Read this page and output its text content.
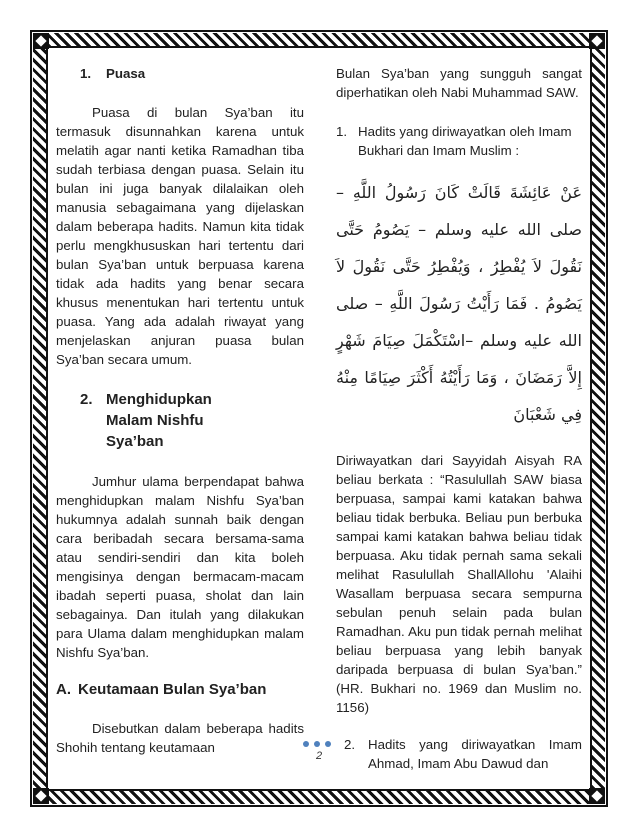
1.	Puasa

Puasa di bulan Sya’ban itu termasuk disunnahkan karena untuk melatih agar nanti ketika Ramadhan tiba sudah terbiasa dengan puasa. Selain itu bulan ini juga banyak dilalaikan oleh manusia sebagaimana yang dijelaskan dalam beberapa hadits. Namun kita tidak perlu mengkhususkan hari tertentu dari bulan Sya’ban untuk berpuasa karena tidak ada hadits yang benar secara khusus menentukan hari tertentu untuk puasa. Yang ada adalah riwayat yang menjelaskan anjuran puasa bulan Sya’ban secara umum.

2. Menghidupkan Malam Nishfu Sya’ban

Jumhur ulama berpendapat bahwa menghidupkan malam Nishfu Sya’ban hukumnya adalah sunnah baik dengan cara beribadah secara bersama-sama atau sendiri-sendiri dan kita boleh mengisinya dengan bermacam-macam ibadah seperti puasa, sholat dan lain sebagainya. Dan itulah yang dilakukan para Ulama dalam menghidupkan malam Nishfu Sya’ban.

A. Keutamaan Bulan Sya’ban

Disebutkan dalam beberapa hadits Shohih tentang keutamaan

Bulan Sya’ban yang sungguh sangat diperhatikan oleh Nabi Muhammad SAW.

1. Hadits yang diriwayatkan oleh Imam Bukhari dan Imam Muslim :

عَنْ عَائِشَةَ قَالَتْ كَانَ رَسُولُ اللَّهِ – صلى الله عليه وسلم – يَصُومُ حَتَّى نَقُولَ لاَ يُفْطِرُ ، وَيُفْطِرُ حَتَّى نَقُولَ لاَ يَصُومُ . فَمَا رَأَيْتُ رَسُولَ اللَّهِ – صلى الله عليه وسلم –اسْتَكْمَلَ صِيَامَ شَهْرٍ إِلاَّ رَمَضَانَ ، وَمَا رَأَيْتُهُ أَكْثَرَ صِيَامًا مِنْهُ فِي شَعْبَانَ

Diriwayatkan dari Sayyidah Aisyah RA beliau berkata : “Rasulullah SAW biasa berpuasa, sampai kami katakan bahwa beliau tidak berbuka. Beliau pun berbuka sampai kami katakan bahwa beliau tidak berpuasa. Aku tidak pernah sama sekali melihat Rasulullah ShallAllohu 'Alaihi Wasallam berpuasa secara sempurna sebulan penuh selain pada bulan Ramadhan. Aku pun tidak pernah melihat beliau berpuasa yang lebih banyak daripada berpuasa di bulan Sya’ban.” (HR. Bukhari no. 1969 dan Muslim no. 1156)

2. Hadits yang diriwayatkan Imam Ahmad, Imam Abu Dawud dan
2
